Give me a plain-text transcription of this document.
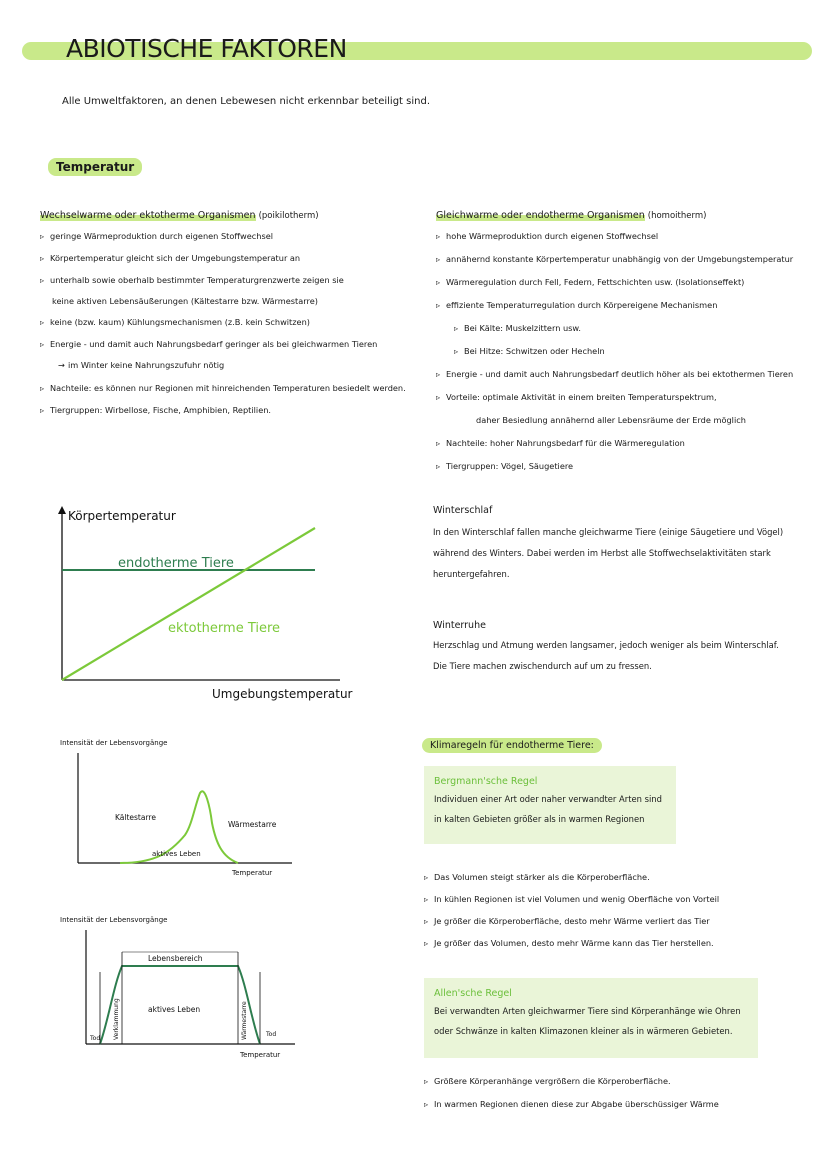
ABIOTISCHE FAKTOREN
Alle Umweltfaktoren, an denen Lebewesen nicht erkennbar beteiligt sind.
Temperatur
Wechselwarme oder ektotherme Organismen (poikilotherm)
▹ geringe Wärmeproduktion durch eigenen Stoffwechsel
▹ Körpertemperatur gleicht sich der Umgebungstemperatur an
▹ unterhalb sowie oberhalb bestimmter Temperaturgrenzwerte zeigen sie
keine aktiven Lebensäußerungen (Kältestarre bzw. Wärmestarre)
▹ keine (bzw. kaum) Kühlungsmechanismen (z.B. kein Schwitzen)
▹ Energie - und damit auch Nahrungsbedarf geringer als bei gleichwarmen Tieren
→ im Winter keine Nahrungszufuhr nötig
▹ Nachteile: es können nur Regionen mit hinreichenden Temperaturen besiedelt werden.
▹ Tiergruppen: Wirbellose, Fische, Amphibien, Reptilien.
Gleichwarme oder endotherme Organismen (homoitherm)
▹ hohe Wärmeproduktion durch eigenen Stoffwechsel
▹ annähernd konstante Körpertemperatur unabhängig von der Umgebungstemperatur
▹ Wärmeregulation durch Fell, Federn, Fettschichten usw. (Isolationseffekt)
▹ effiziente Temperaturregulation durch Körpereigene Mechanismen
▹ Bei Kälte: Muskelzittern usw.
▹ Bei Hitze: Schwitzen oder Hecheln
▹ Energie - und damit auch Nahrungsbedarf deutlich höher als bei ektothermen Tieren
▹ Vorteile: optimale Aktivität in einem breiten Temperaturspektrum,
daher Besiedlung annähernd aller Lebensräume der Erde möglich
▹ Nachteile: hoher Nahrungsbedarf für die Wärmeregulation
▹ Tiergruppen: Vögel, Säugetiere
Winterschlaf
In den Winterschlaf fallen manche gleichwarme Tiere (einige Säugetiere und Vögel)
während des Winters. Dabei werden im Herbst alle Stoffwechselaktivitäten stark
heruntergefahren.
Winterruhe
Herzschlag und Atmung werden langsamer, jedoch weniger als beim Winterschlaf.
Die Tiere machen zwischendurch auf um zu fressen.
Körpertemperatur
endotherme Tiere
ektotherme Tiere
Umgebungstemperatur
Intensität der Lebensvorgänge
Kältestarre
Wärmestarre
aktives Leben
Temperatur
Intensität der Lebensvorgänge
Lebensbereich
aktives Leben
Verklammung	Wärmestarre
Tod
Tod
Temperatur
Klimaregeln für endotherme Tiere:
Bergmann'sche Regel
Individuen einer Art oder naher verwandter Arten sind
in kalten Gebieten größer als in warmen Regionen
▹ Das Volumen steigt stärker als die Körperoberfläche.
▹ In kühlen Regionen ist viel Volumen und wenig Oberfläche von Vorteil
▹ Je größer die Körperoberfläche, desto mehr Wärme verliert das Tier
▹ Je größer das Volumen, desto mehr Wärme kann das Tier herstellen.
Allen'sche Regel
Bei verwandten Arten gleichwarmer Tiere sind Körperanhänge wie Ohren
oder Schwänze in kalten Klimazonen kleiner als in wärmeren Gebieten.
▹ Größere Körperanhänge vergrößern die Körperoberfläche.
▹ In warmen Regionen dienen diese zur Abgabe überschüssiger Wärme
